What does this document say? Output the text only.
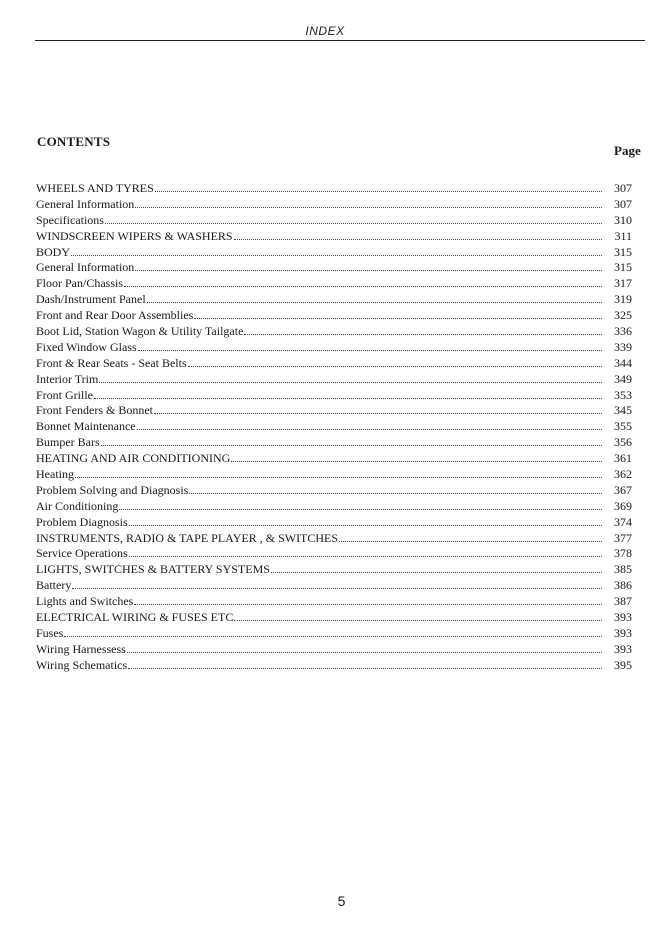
INDEX
CONTENTS
Page
WHEELS AND TYRES	307
General Information	307
Specifications	310
WINDSCREEN WIPERS & WASHERS	311
BODY	315
General Information	315
Floor Pan/Chassis	317
Dash/Instrument Panel	319
Front and Rear Door Assemblies	325
Boot Lid, Station Wagon & Utility Tailgate	336
Fixed Window Glass	339
Front & Rear Seats - Seat Belts	344
Interior Trim	349
Front Grille	353
Front Fenders & Bonnet	345
Bonnet Maintenance	355
Bumper Bars	356
HEATING AND AIR CONDITIONING	361
Heating	362
Problem Solving and Diagnosis	367
Air Conditioning	369
Problem Diagnosis	374
INSTRUMENTS, RADIO & TAPE PLAYER , & SWITCHES	377
Service Operations	378
LIGHTS, SWITCHES & BATTERY SYSTEMS	385
Battery	386
Lights and Switches	387
ELECTRICAL WIRING & FUSES ETC.	393
Fuses	393
Wiring Harnessess	393
Wiring Schematics	395
5
